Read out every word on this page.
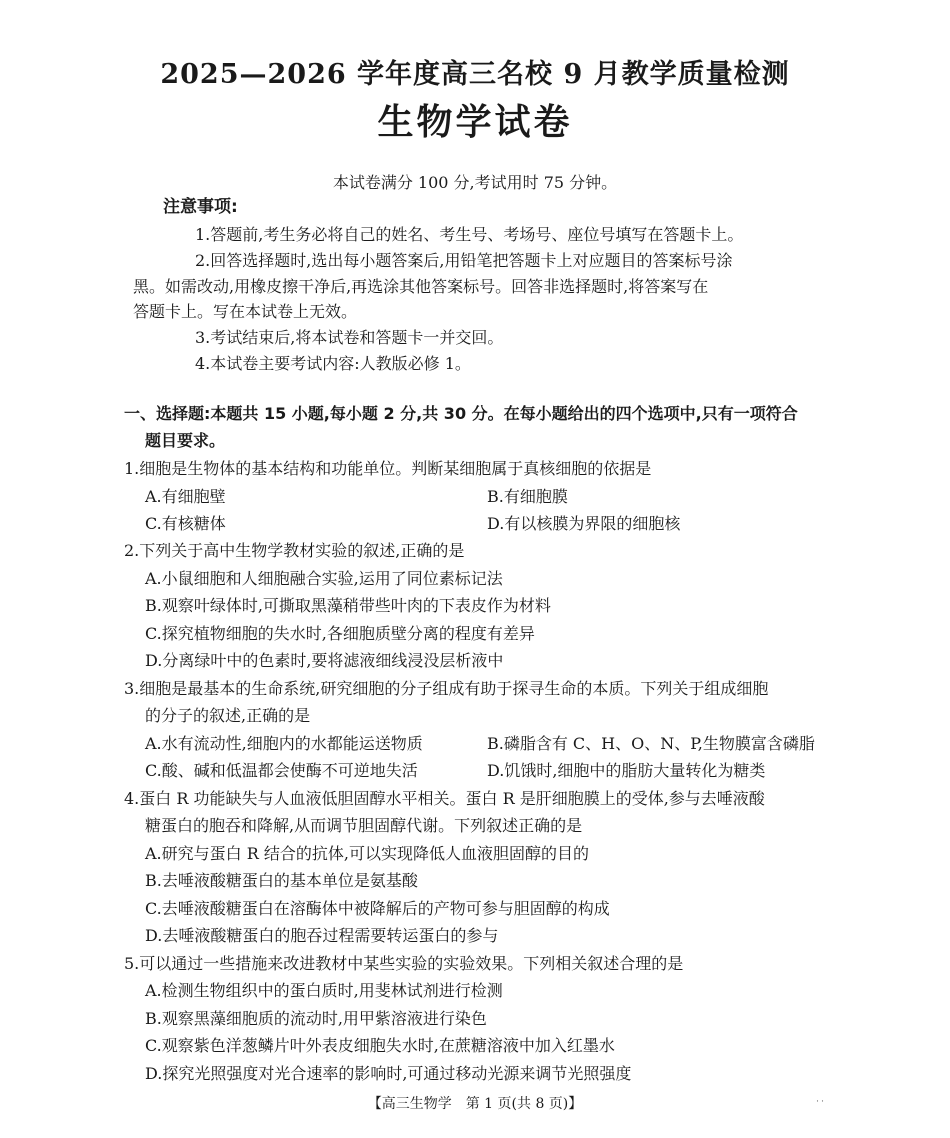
2025—2026 学年度高三名校 9 月教学质量检测
生物学试卷
本试卷满分 100 分,考试用时 75 分钟。
注意事项:
1.答题前,考生务必将自己的姓名、考生号、考场号、座位号填写在答题卡上。
2.回答选择题时,选出每小题答案后,用铅笔把答题卡上对应题目的答案标号涂
黑。如需改动,用橡皮擦干净后,再选涂其他答案标号。回答非选择题时,将答案写在
答题卡上。写在本试卷上无效。
3.考试结束后,将本试卷和答题卡一并交回。
4.本试卷主要考试内容:人教版必修 1。
一、选择题:本题共 15 小题,每小题 2 分,共 30 分。在每小题给出的四个选项中,只有一项符合
题目要求。
1.细胞是生物体的基本结构和功能单位。判断某细胞属于真核细胞的依据是
A.有细胞壁	B.有细胞膜
C.有核糖体	D.有以核膜为界限的细胞核
2.下列关于高中生物学教材实验的叙述,正确的是
A.小鼠细胞和人细胞融合实验,运用了同位素标记法
B.观察叶绿体时,可撕取黑藻稍带些叶肉的下表皮作为材料
C.探究植物细胞的失水时,各细胞质壁分离的程度有差异
D.分离绿叶中的色素时,要将滤液细线浸没层析液中
3.细胞是最基本的生命系统,研究细胞的分子组成有助于探寻生命的本质。下列关于组成细胞
的分子的叙述,正确的是
A.水有流动性,细胞内的水都能运送物质	B.磷脂含有 C、H、O、N、P,生物膜富含磷脂
C.酸、碱和低温都会使酶不可逆地失活	D.饥饿时,细胞中的脂肪大量转化为糖类
4.蛋白 R 功能缺失与人血液低胆固醇水平相关。蛋白 R 是肝细胞膜上的受体,参与去唾液酸
糖蛋白的胞吞和降解,从而调节胆固醇代谢。下列叙述正确的是
A.研究与蛋白 R 结合的抗体,可以实现降低人血液胆固醇的目的
B.去唾液酸糖蛋白的基本单位是氨基酸
C.去唾液酸糖蛋白在溶酶体中被降解后的产物可参与胆固醇的构成
D.去唾液酸糖蛋白的胞吞过程需要转运蛋白的参与
5.可以通过一些措施来改进教材中某些实验的实验效果。下列相关叙述合理的是
A.检测生物组织中的蛋白质时,用斐林试剂进行检测
B.观察黑藻细胞质的流动时,用甲紫溶液进行染色
C.观察紫色洋葱鳞片叶外表皮细胞失水时,在蔗糖溶液中加入红墨水
D.探究光照强度对光合速率的影响时,可通过移动光源来调节光照强度
【高三生物学　第 1 页(共 8 页)】	˙˙
